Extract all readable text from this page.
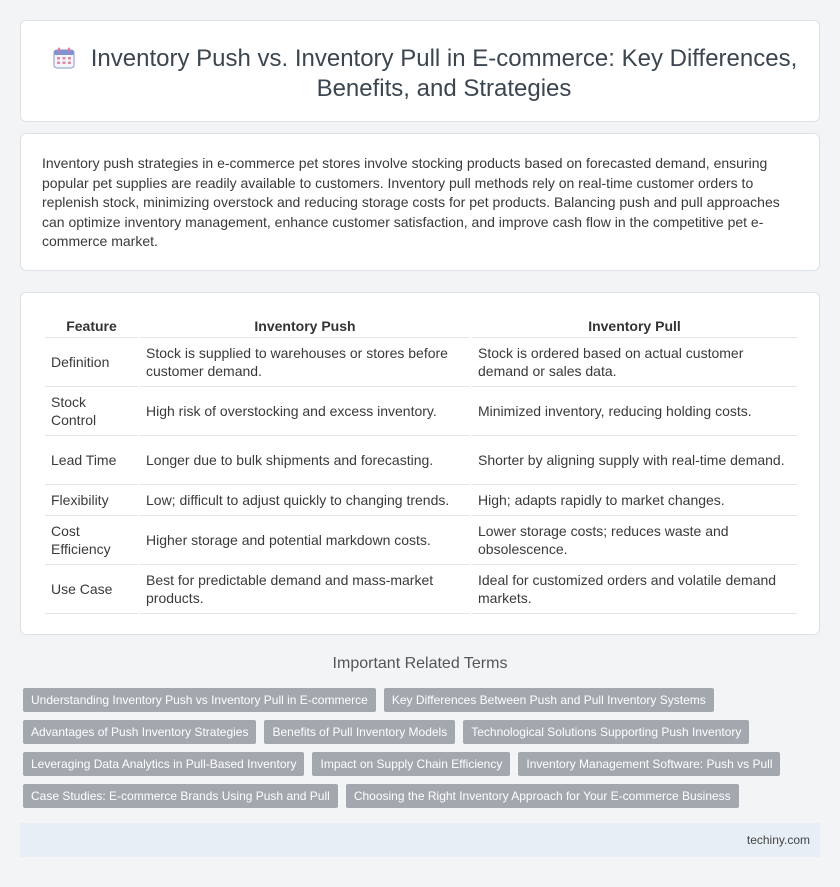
Inventory Push vs. Inventory Pull in E-commerce: Key Differences, Benefits, and Strategies

Inventory push strategies in e-commerce pet stores involve stocking products based on forecasted demand, ensuring popular pet supplies are readily available to customers. Inventory pull methods rely on real-time customer orders to replenish stock, minimizing overstock and reducing storage costs for pet products. Balancing push and pull approaches can optimize inventory management, enhance customer satisfaction, and improve cash flow in the competitive pet e-commerce market.

Feature	Inventory Push	Inventory Pull
Definition	Stock is supplied to warehouses or stores before customer demand.	Stock is ordered based on actual customer demand or sales data.
Stock Control	High risk of overstocking and excess inventory.	Minimized inventory, reducing holding costs.
Lead Time	Longer due to bulk shipments and forecasting.	Shorter by aligning supply with real-time demand.
Flexibility	Low; difficult to adjust quickly to changing trends.	High; adapts rapidly to market changes.
Cost Efficiency	Higher storage and potential markdown costs.	Lower storage costs; reduces waste and obsolescence.
Use Case	Best for predictable demand and mass-market products.	Ideal for customized orders and volatile demand markets.
Important Related Terms
Understanding Inventory Push vs Inventory Pull in E-commerce	Key Differences Between Push and Pull Inventory Systems
Advantages of Push Inventory Strategies	Benefits of Pull Inventory Models	Technological Solutions Supporting Push Inventory
Leveraging Data Analytics in Pull-Based Inventory	Impact on Supply Chain Efficiency	Inventory Management Software: Push vs Pull
Case Studies: E-commerce Brands Using Push and Pull	Choosing the Right Inventory Approach for Your E-commerce Business
techiny.com
